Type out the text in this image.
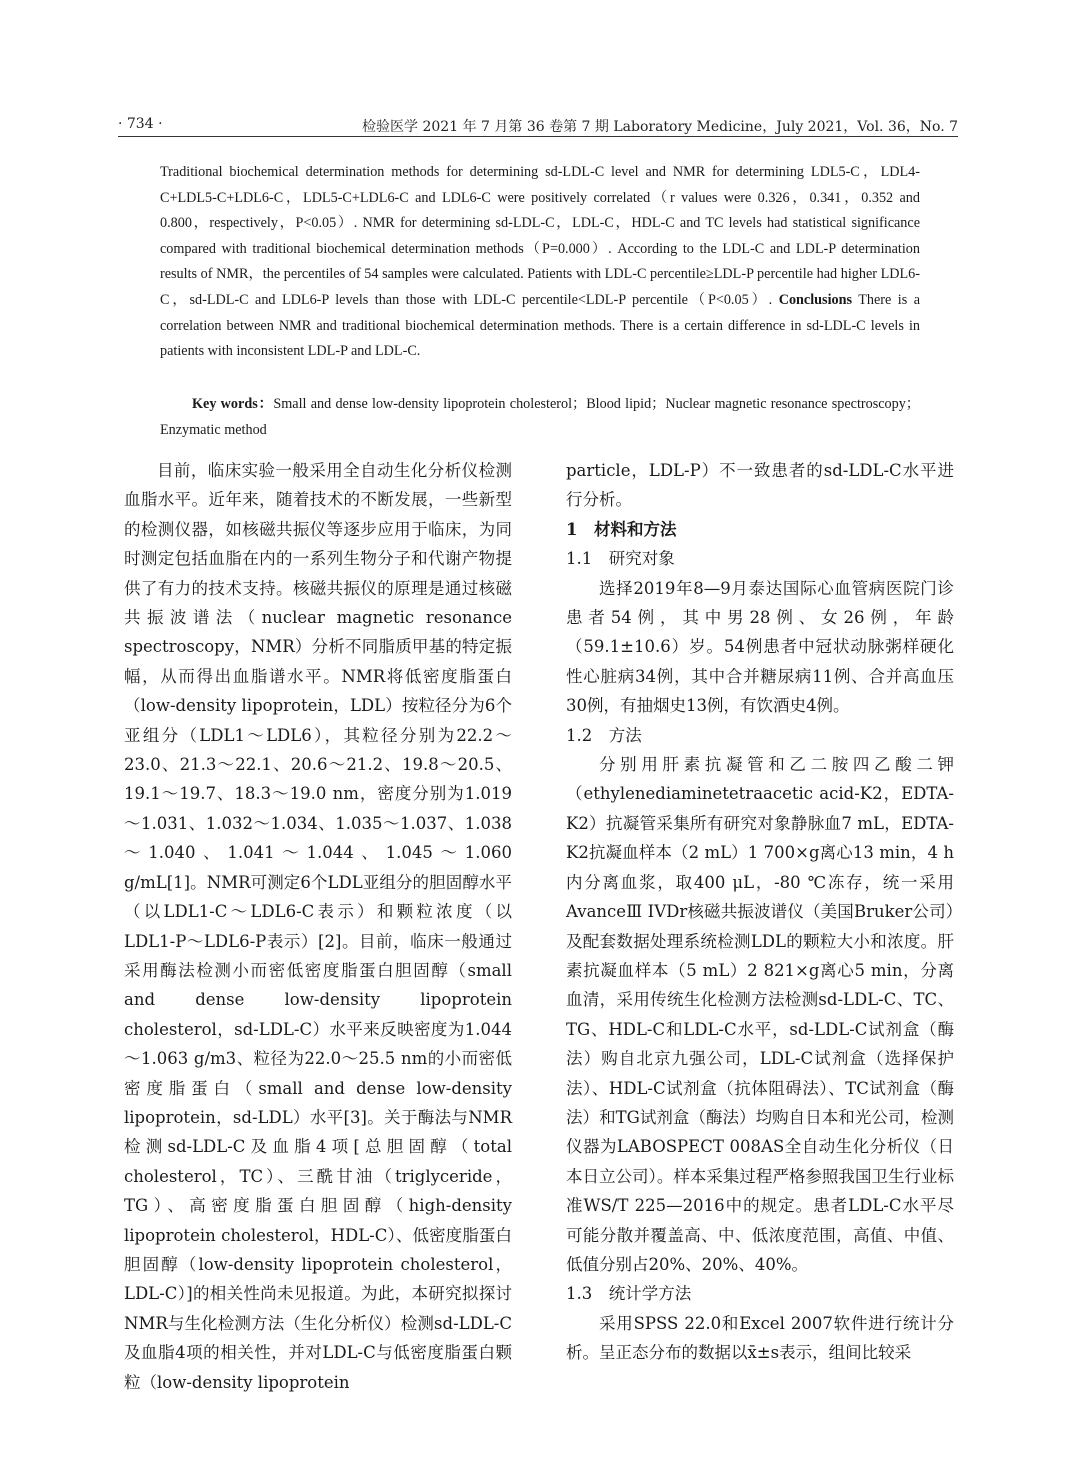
· 734 ·	检验医学 2021 年 7 月第 36 卷第 7 期 Laboratory Medicine，July 2021，Vol. 36，No. 7
Traditional biochemical determination methods for determining sd-LDL-C level and NMR for determining LDL5-C，LDL4-C+LDL5-C+LDL6-C，LDL5-C+LDL6-C and LDL6-C were positively correlated（r values were 0.326，0.341，0.352 and 0.800，respectively，P<0.05）. NMR for determining sd-LDL-C，LDL-C，HDL-C and TC levels had statistical significance compared with traditional biochemical determination methods（P=0.000）. According to the LDL-C and LDL-P determination results of NMR，the percentiles of 54 samples were calculated. Patients with LDL-C percentile≥LDL-P percentile had higher LDL6-C，sd-LDL-C and LDL6-P levels than those with LDL-C percentile<LDL-P percentile（P<0.05）. Conclusions There is a correlation between NMR and traditional biochemical determination methods. There is a certain difference in sd-LDL-C levels in patients with inconsistent LDL-P and LDL-C.
Key words：Small and dense low-density lipoprotein cholesterol；Blood lipid；Nuclear magnetic resonance spectroscopy；Enzymatic method

目前，临床实验一般采用全自动生化分析仪检测血脂水平。近年来，随着技术的不断发展，一些新型的检测仪器，如核磁共振仪等逐步应用于临床，为同时测定包括血脂在内的一系列生物分子和代谢产物提供了有力的技术支持。核磁共振仪的原理是通过核磁共振波谱法（nuclear magnetic resonance spectroscopy，NMR）分析不同脂质甲基的特定振幅，从而得出血脂谱水平。NMR将低密度脂蛋白（low-density lipoprotein，LDL）按粒径分为6个亚组分（LDL1～LDL6），其粒径分别为22.2～23.0、21.3～22.1、20.6～21.2、19.8～20.5、19.1～19.7、18.3～19.0 nm，密度分别为1.019～1.031、1.032～1.034、1.035～1.037、1.038～1.040、1.041～1.044、1.045～1.060 g/mL[1]。NMR可测定6个LDL亚组分的胆固醇水平（以LDL1-C～LDL6-C表示）和颗粒浓度（以LDL1-P～LDL6-P表示）[2]。目前，临床一般通过采用酶法检测小而密低密度脂蛋白胆固醇（small and dense low-density lipoprotein cholesterol，sd-LDL-C）水平来反映密度为1.044～1.063 g/m3、粒径为22.0～25.5 nm的小而密低密度脂蛋白（small and dense low-density lipoprotein，sd-LDL）水平[3]。关于酶法与NMR检测sd-LDL-C及血脂4项[总胆固醇（total cholesterol，TC）、三酰甘油（triglyceride，TG）、高密度脂蛋白胆固醇（high-density lipoprotein cholesterol，HDL-C）、低密度脂蛋白胆固醇（low-density lipoprotein cholesterol，LDL-C）]的相关性尚未见报道。为此，本研究拟探讨NMR与生化检测方法（生化分析仪）检测sd-LDL-C及血脂4项的相关性，并对LDL-C与低密度脂蛋白颗粒（low-density lipoprotein

particle，LDL-P）不一致患者的sd-LDL-C水平进行分析。

1　材料和方法

1.1　研究对象

选择2019年8—9月泰达国际心血管病医院门诊患者54例，其中男28例、女26例，年龄（59.1±10.6）岁。54例患者中冠状动脉粥样硬化性心脏病34例，其中合并糖尿病11例、合并高血压30例，有抽烟史13例，有饮酒史4例。

1.2　方法

分别用肝素抗凝管和乙二胺四乙酸二钾（ethylenediaminetetraacetic acid-K2，EDTA-K2）抗凝管采集所有研究对象静脉血7 mL，EDTA-K2抗凝血样本（2 mL）1 700×g离心13 min，4 h内分离血浆，取400 μL，-80 ℃冻存，统一采用AvanceⅢ IVDr核磁共振波谱仪（美国Bruker公司）及配套数据处理系统检测LDL的颗粒大小和浓度。肝素抗凝血样本（5 mL）2 821×g离心5 min，分离血清，采用传统生化检测方法检测sd-LDL-C、TC、TG、HDL-C和LDL-C水平，sd-LDL-C试剂盒（酶法）购自北京九强公司，LDL-C试剂盒（选择保护法）、HDL-C试剂盒（抗体阻碍法）、TC试剂盒（酶法）和TG试剂盒（酶法）均购自日本和光公司，检测仪器为LABOSPECT 008AS全自动生化分析仪（日本日立公司）。样本采集过程严格参照我国卫生行业标准WS/T 225—2016中的规定。患者LDL-C水平尽可能分散并覆盖高、中、低浓度范围，高值、中值、低值分别占20%、20%、40%。

1.3　统计学方法

采用SPSS 22.0和Excel 2007软件进行统计分析。呈正态分布的数据以x̄±s表示，组间比较采
